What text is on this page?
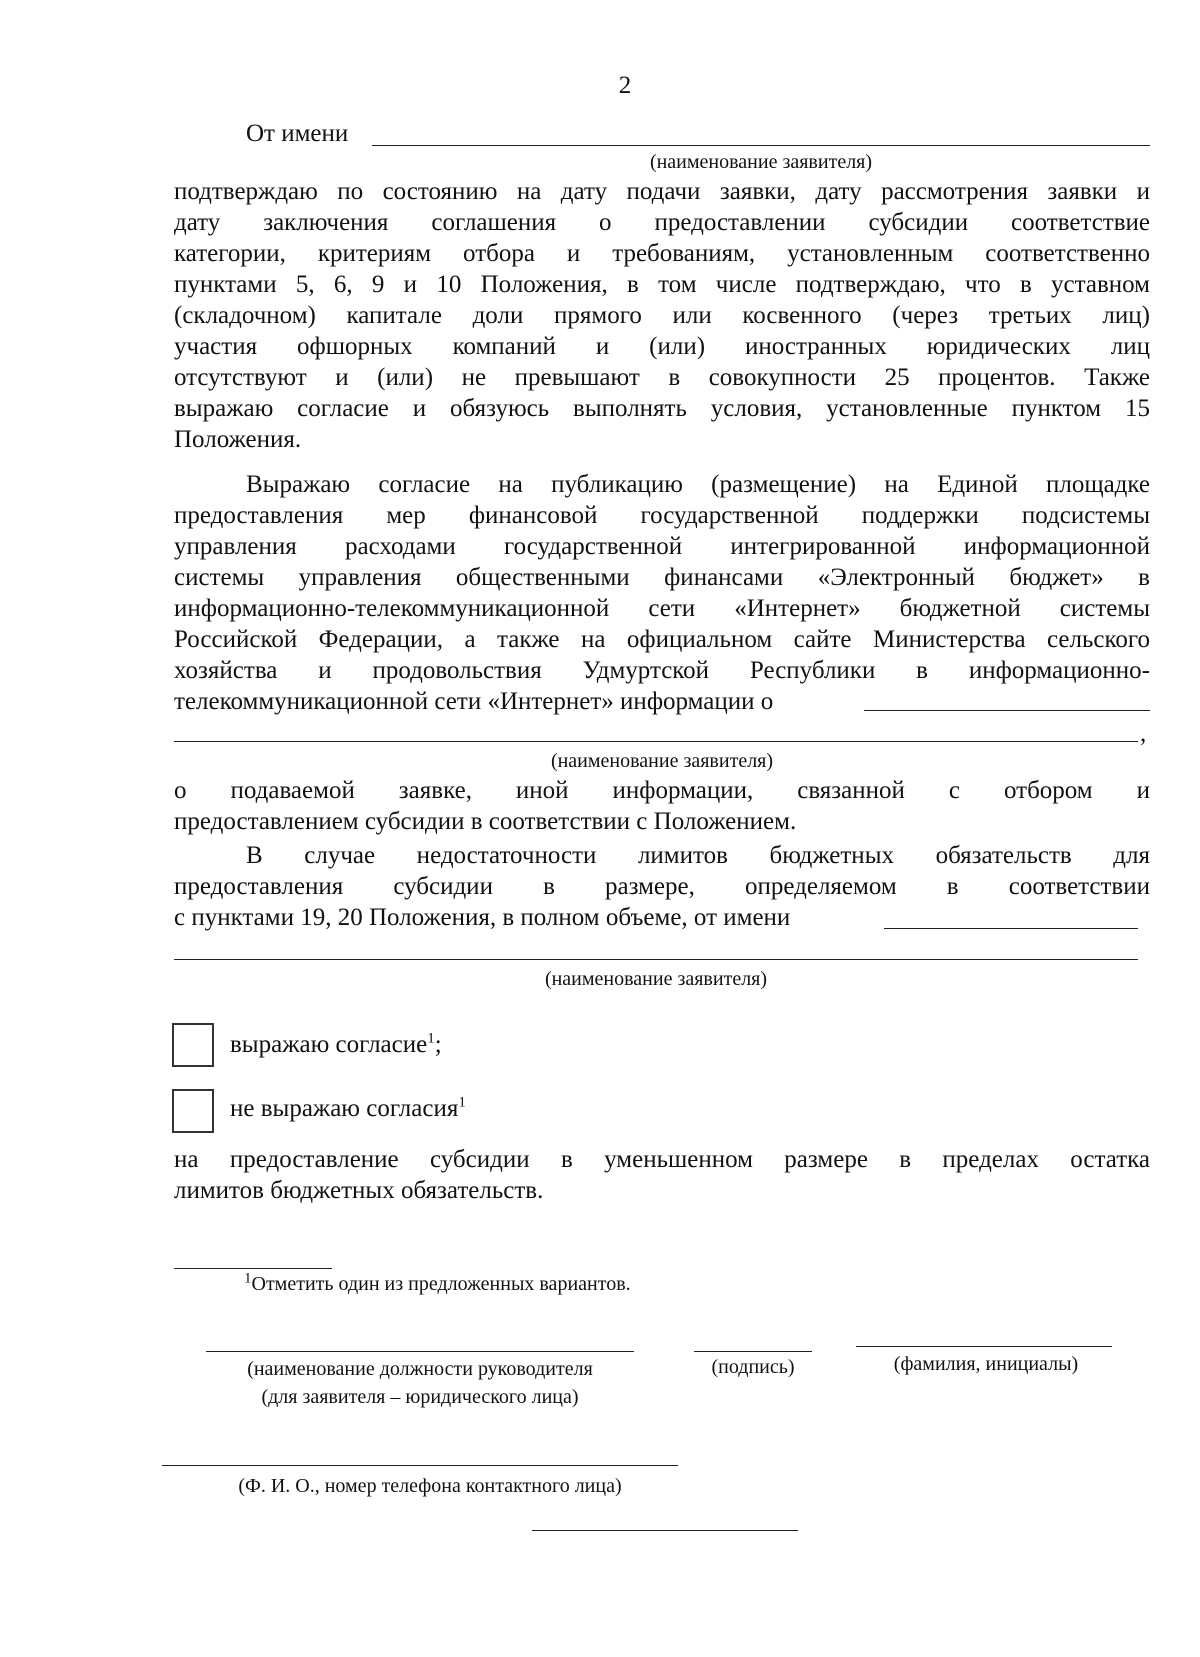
2
От имени
(наименование заявителя)
подтверждаю по состоянию на дату подачи заявки, дату рассмотрения заявки и
дату заключения соглашения о предоставлении субсидии соответствие
категории, критериям отбора и требованиям, установленным соответственно
пунктами 5, 6, 9 и 10 Положения, в том числе подтверждаю, что в уставном
(складочном) капитале доли прямого или косвенного (через третьих лиц)
участия офшорных компаний и (или) иностранных юридических лиц
отсутствуют и (или) не превышают в совокупности 25 процентов. Также
выражаю согласие и обязуюсь выполнять условия, установленные пунктом 15
Положения.
Выражаю согласие на публикацию (размещение) на Единой площадке
предоставления мер финансовой государственной поддержки подсистемы
управления расходами государственной интегрированной информационной
системы управления общественными финансами «Электронный бюджет» в
информационно-телекоммуникационной сети «Интернет» бюджетной системы
Российской Федерации, а также на официальном сайте Министерства сельского
хозяйства и продовольствия Удмуртской Республики в информационно-
телекоммуникационной сети «Интернет» информации о
,
(наименование заявителя)
о подаваемой заявке, иной информации, связанной с отбором и
предоставлением субсидии в соответствии с Положением.
В случае недостаточности лимитов бюджетных обязательств для
предоставления субсидии в размере, определяемом в соответствии
с пунктами 19, 20 Положения, в полном объеме, от имени
(наименование заявителя)
выражаю согласие$^1$;
не выражаю согласия$^1$
на предоставление субсидии в уменьшенном размере в пределах остатка
лимитов бюджетных обязательств.
$^1$Отметить один из предложенных вариантов.
(наименование должности руководителя
(для заявителя – юридического лица)
(подпись)	(фамилия, инициалы)
(Ф. И. О., номер телефона контактного лица)
